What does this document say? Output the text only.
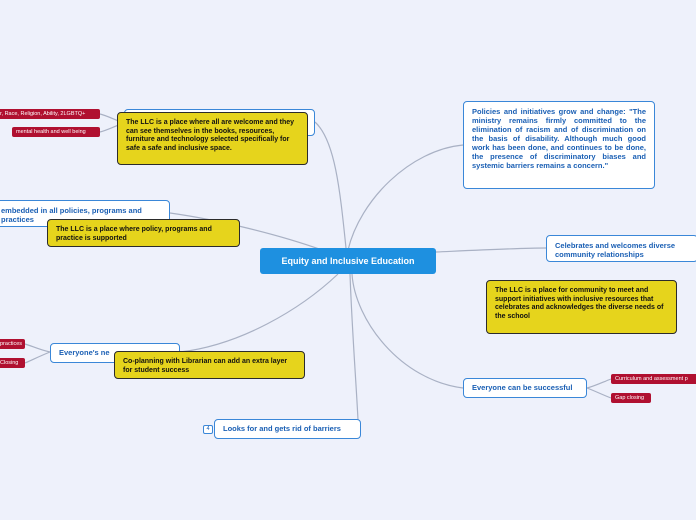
Equity and Inclusive Education
Policies and initiatives grow and change: "The ministry remains firmly committed to the elimination of racism and of discrimination on the basis of disability. Although much good work has been done, and continues to be done, the presence of discriminatory biases and systemic barriers remains a concern."
Celebrates and welcomes diverse community relationships
The LLC is a place for community to meet and support initiatives with inclusive resources that celebrates and acknowledges the diverse needs of the school
Everyone can be successful
Curriculum and assessment p
Gap closing
4	Looks for and gets rid of barriers
Everyone's ne
practices
Closing	Co-planning with Librarian can add an extra layer for student success
embedded in all policies, programs and practices
The LLC is a place where policy, programs and practice is supported
r, Race, Religion, Ability, 2LGBTQ+
mental health and well being
The LLC is a place where all are welcome and they can see themselves in the books, resources, furniture and technology selected specifically for safe a safe and inclusive space.
